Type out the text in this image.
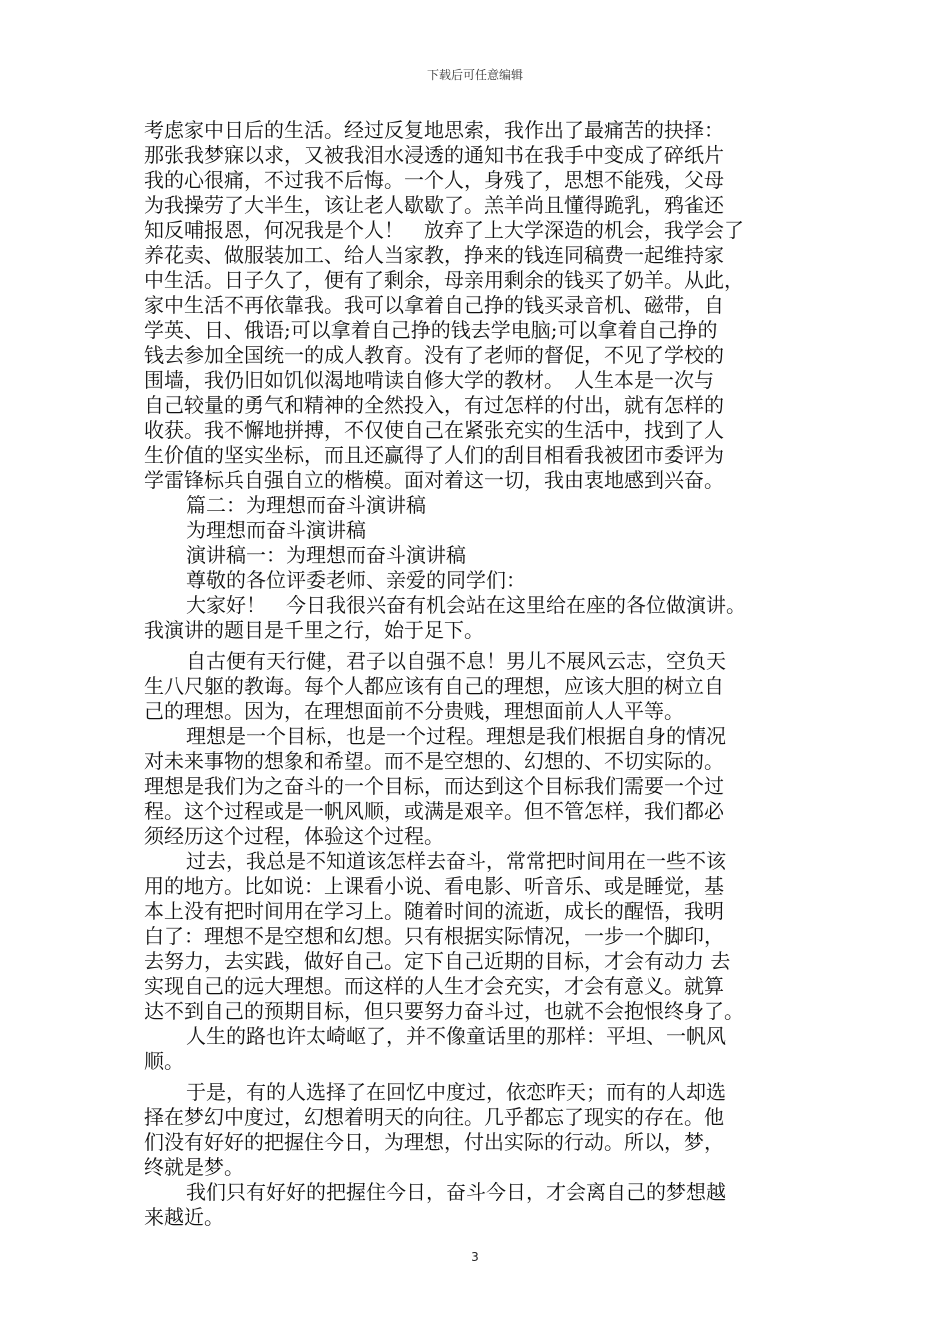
下载后可任意编辑
考虑家中日后的生活。经过反复地思索，我作出了最痛苦的抉择：
那张我梦寐以求，又被我泪水浸透的通知书在我手中变成了碎纸片
我的心很痛，不过我不后悔。一个人，身残了，思想不能残，父母
为我操劳了大半生，该让老人歇歇了。羔羊尚且懂得跪乳，鸦雀还
知反哺报恩，何况我是个人！　放弃了上大学深造的机会，我学会了
养花卖、做服装加工、给人当家教，挣来的钱连同稿费一起维持家
中生活。日子久了，便有了剩余，母亲用剩余的钱买了奶羊。从此，
家中生活不再依靠我。我可以拿着自己挣的钱买录音机、磁带，自
学英、日、俄语;可以拿着自己挣的钱去学电脑;可以拿着自己挣的
钱去参加全国统一的成人教育。没有了老师的督促，不见了学校的
围墙，我仍旧如饥似渴地啃读自修大学的教材。　人生本是一次与
自己较量的勇气和精神的全然投入，有过怎样的付出，就有怎样的
收获。我不懈地拼搏，不仅使自己在紧张充实的生活中，找到了人
生价值的坚实坐标，而且还赢得了人们的刮目相看我被团市委评为
学雷锋标兵自强自立的楷模。面对着这一切，我由衷地感到兴奋。
篇二：为理想而奋斗演讲稿
为理想而奋斗演讲稿
演讲稿一：为理想而奋斗演讲稿
尊敬的各位评委老师、亲爱的同学们：
大家好！　今日我很兴奋有机会站在这里给在座的各位做演讲。
我演讲的题目是千里之行，始于足下。
自古便有天行健，君子以自强不息！男儿不展风云志，空负天
生八尺躯的教诲。每个人都应该有自己的理想，应该大胆的树立自
己的理想。因为，在理想面前不分贵贱，理想面前人人平等。
理想是一个目标，也是一个过程。理想是我们根据自身的情况
对未来事物的想象和希望。而不是空想的、幻想的、不切实际的。
理想是我们为之奋斗的一个目标，而达到这个目标我们需要一个过
程。这个过程或是一帆风顺，或满是艰辛。但不管怎样，我们都必
须经历这个过程，体验这个过程。
过去，我总是不知道该怎样去奋斗，常常把时间用在一些不该
用的地方。比如说：上课看小说、看电影、听音乐、或是睡觉，基
本上没有把时间用在学习上。随着时间的流逝，成长的醒悟，我明
白了：理想不是空想和幻想。只有根据实际情况，一步一个脚印，
去努力，去实践，做好自己。定下自己近期的目标，才会有动力 去
实现自己的远大理想。而这样的人生才会充实，才会有意义。就算
达不到自己的预期目标，但只要努力奋斗过，也就不会抱恨终身了。
人生的路也许太崎岖了，并不像童话里的那样：平坦、一帆风
顺。
于是，有的人选择了在回忆中度过，依恋昨天；而有的人却选
择在梦幻中度过，幻想着明天的向往。几乎都忘了现实的存在。他
们没有好好的把握住今日，为理想，付出实际的行动。所以，梦，
终就是梦。
我们只有好好的把握住今日，奋斗今日，才会离自己的梦想越
来越近。
3
